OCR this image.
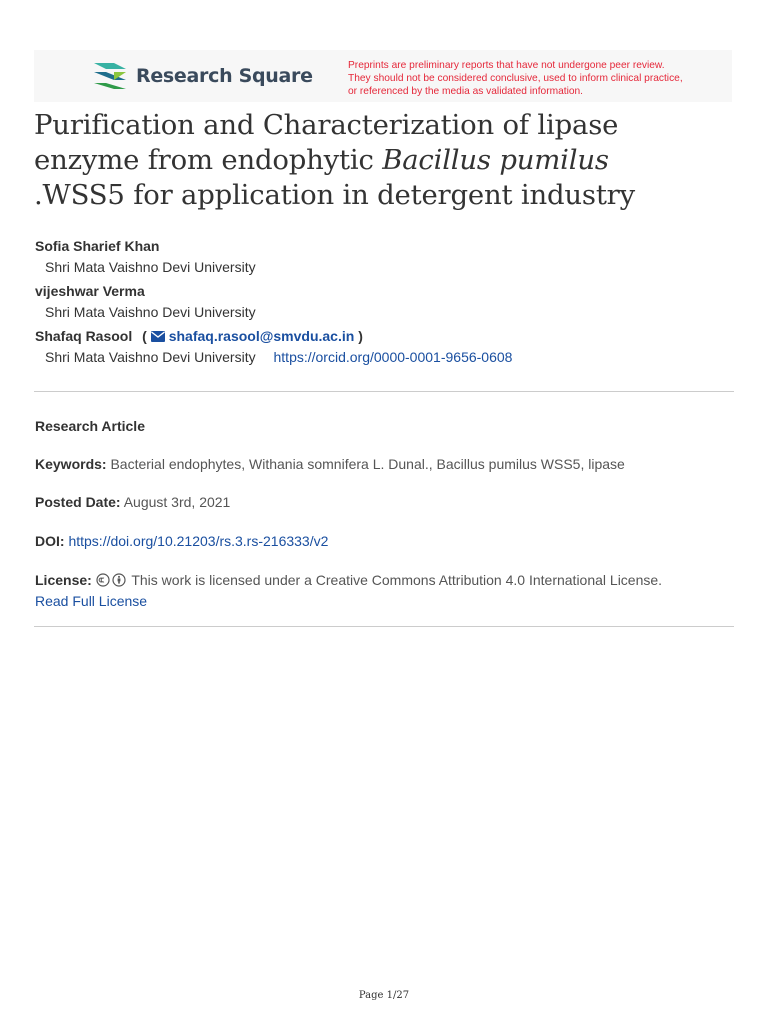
Research Square	Preprints are preliminary reports that have not undergone peer review.
They should not be considered conclusive, used to inform clinical practice,
or referenced by the media as validated information.
Purification and Characterization of lipase
enzyme from endophytic Bacillus pumilus
.WSS5 for application in detergent industry
Sofia Sharief Khan
Shri Mata Vaishno Devi University
vijeshwar Verma
Shri Mata Vaishno Devi University
Shafaq Rasool ( shafaq.rasool@smvdu.ac.in )
Shri Mata Vaishno Devi University https://orcid.org/0000-0001-9656-0608
Research Article
Keywords: Bacterial endophytes, Withania somnifera L. Dunal., Bacillus pumilus WSS5, lipase
Posted Date: August 3rd, 2021
DOI: https://doi.org/10.21203/rs.3.rs-216333/v2
License:	This work is licensed under a Creative Commons Attribution 4.0 International License.
Read Full License
Page 1/27
